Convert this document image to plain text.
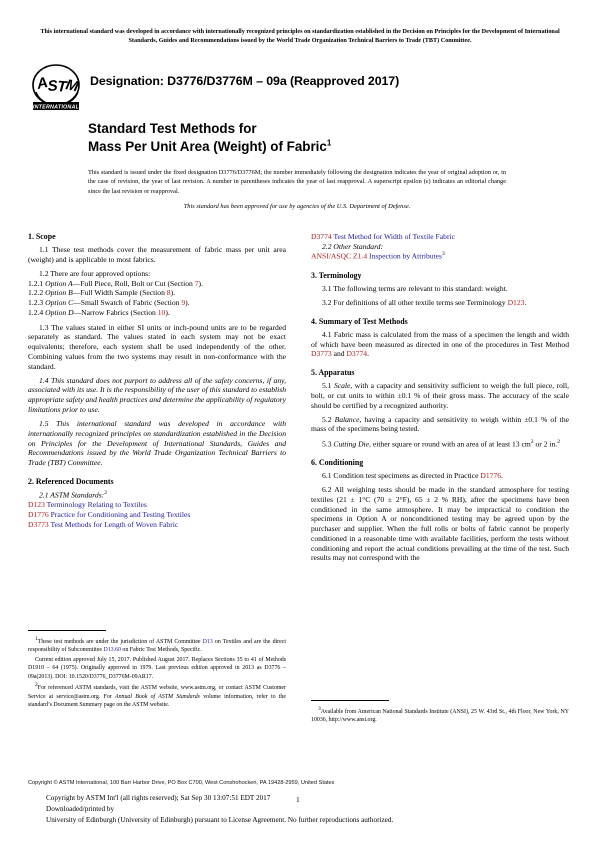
This international standard was developed in accordance with internationally recognized principles on standardization established in the Decision on Principles for the Development of International Standards, Guides and Recommendations issued by the World Trade Organization Technical Barriers to Trade (TBT) Committee.
A
S
T
M
INTERNATIONAL
Designation: D3776/D3776M – 09a (Reapproved 2017)
Standard Test Methods for
Mass Per Unit Area (Weight) of Fabric$^1$
This standard is issued under the fixed designation D3776/D3776M; the number immediately following the designation indicates the year of original adoption or, in the case of revision, the year of last revision. A number in parentheses indicates the year of last reapproval. A superscript epsilon (ε) indicates an editorial change since the last revision or reapproval.
This standard has been approved for use by agencies of the U.S. Department of Defense.
1. Scope

1.1 These test methods cover the measurement of fabric mass per unit area (weight) and is applicable to most fabrics.

1.2 There are four approved options:

1.2.1 Option A—Full Piece, Roll, Bolt or Cut (Section 7).

1.2.2 Option B—Full Width Sample (Section 8).

1.2.3 Option C—Small Swatch of Fabric (Section 9).

1.2.4 Option D—Narrow Fabrics (Section 10).

1.3 The values stated in either SI units or inch-pound units are to be regarded separately as standard. The values stated in each system may not be exact equivalents; therefore, each system shall be used independently of the other. Combining values from the two systems may result in non-conformance with the standard.

1.4 This standard does not purport to address all of the safety concerns, if any, associated with its use. It is the responsibility of the user of this standard to establish appropriate safety and health practices and determine the applicability of regulatory limitations prior to use.

1.5 This international standard was developed in accordance with internationally recognized principles on standardization established in the Decision on Principles for the Development of International Standards, Guides and Recommendations issued by the World Trade Organization Technical Barriers to Trade (TBT) Committee.

2. Referenced Documents

2.1 ASTM Standards:$^2$

D123 Terminology Relating to Textiles

D1776 Practice for Conditioning and Testing Textiles

D3773 Test Methods for Length of Woven Fabric

D3774 Test Method for Width of Textile Fabric

2.2 Other Standard:

ANSI/ASQC Z1.4 Inspection by Attributes$^3$

3. Terminology

3.1 The following terms are relevant to this standard: weight.

3.2 For definitions of all other textile terms see Terminology D123.

4. Summary of Test Methods

4.1 Fabric mass is calculated from the mass of a specimen the length and width of which have been measured as directed in one of the procedures in Test Method D3773 and D3774.

5. Apparatus

5.1 Scale, with a capacity and sensitivity sufficient to weigh the full piece, roll, bolt, or cut units to within ±0.1 % of their gross mass. The accuracy of the scale should be certified by a recognized authority.

5.2 Balance, having a capacity and sensitivity to weigh within ±0.1 % of the mass of the specimens being tested.

5.3 Cutting Die, either square or round with an area of at least 13 $cm^2$ or 2 in.$^2$

6. Conditioning

6.1 Condition test specimens as directed in Practice D1776.

6.2 All weighing tests should be made in the standard atmosphere for testing textiles (21 ± 1°C (70 ± 2°F), 65 ± 2 % RH), after the specimens have been conditioned in the same atmosphere. It may be impractical to condition the specimens in Option A or nonconditioned testing may be agreed upon by the purchaser and supplier. When the full rolls or bolts of fabric cannot be properly conditioned in a reasonable time with available facilities, perform the tests without conditioning and report the actual conditions prevailing at the time of the test. Such results may not correspond with the

$^1$These test methods are under the jurisdiction of ASTM Committee D13 on Textiles and are the direct responsibility of Subcommittee D13.60 on Fabric Test Methods, Specific.

Current edition approved July 15, 2017. Published August 2017. Replaces Sections 35 to 41 of Methods D1910 – 64 (1975). Originally approved in 1979. Last previous edition approved in 2013 as D3776 – 09a(2013). DOI: 10.1520/D3776_D3776M-09AR17.

$^2$For referenced ASTM standards, visit the ASTM website, www.astm.org, or contact ASTM Customer Service at service@astm.org. For Annual Book of ASTM Standards volume information, refer to the standard’s Document Summary page on the ASTM website.

$^3$Available from American National Standards Institute (ANSI), 25 W. 43rd St., 4th Floor, New York, NY 10036, http://www.ansi.org.

Copyright © ASTM International, 100 Barr Harbor Drive, PO Box C700, West Conshohocken, PA 19428-2959, United States
Copyright by ASTM Int'l (all rights reserved); Sat Sep 30 13:07:51 EDT 2017
Downloaded/printed by
University of Edinburgh (University of Edinburgh) pursuant to License Agreement. No further reproductions authorized.
1
